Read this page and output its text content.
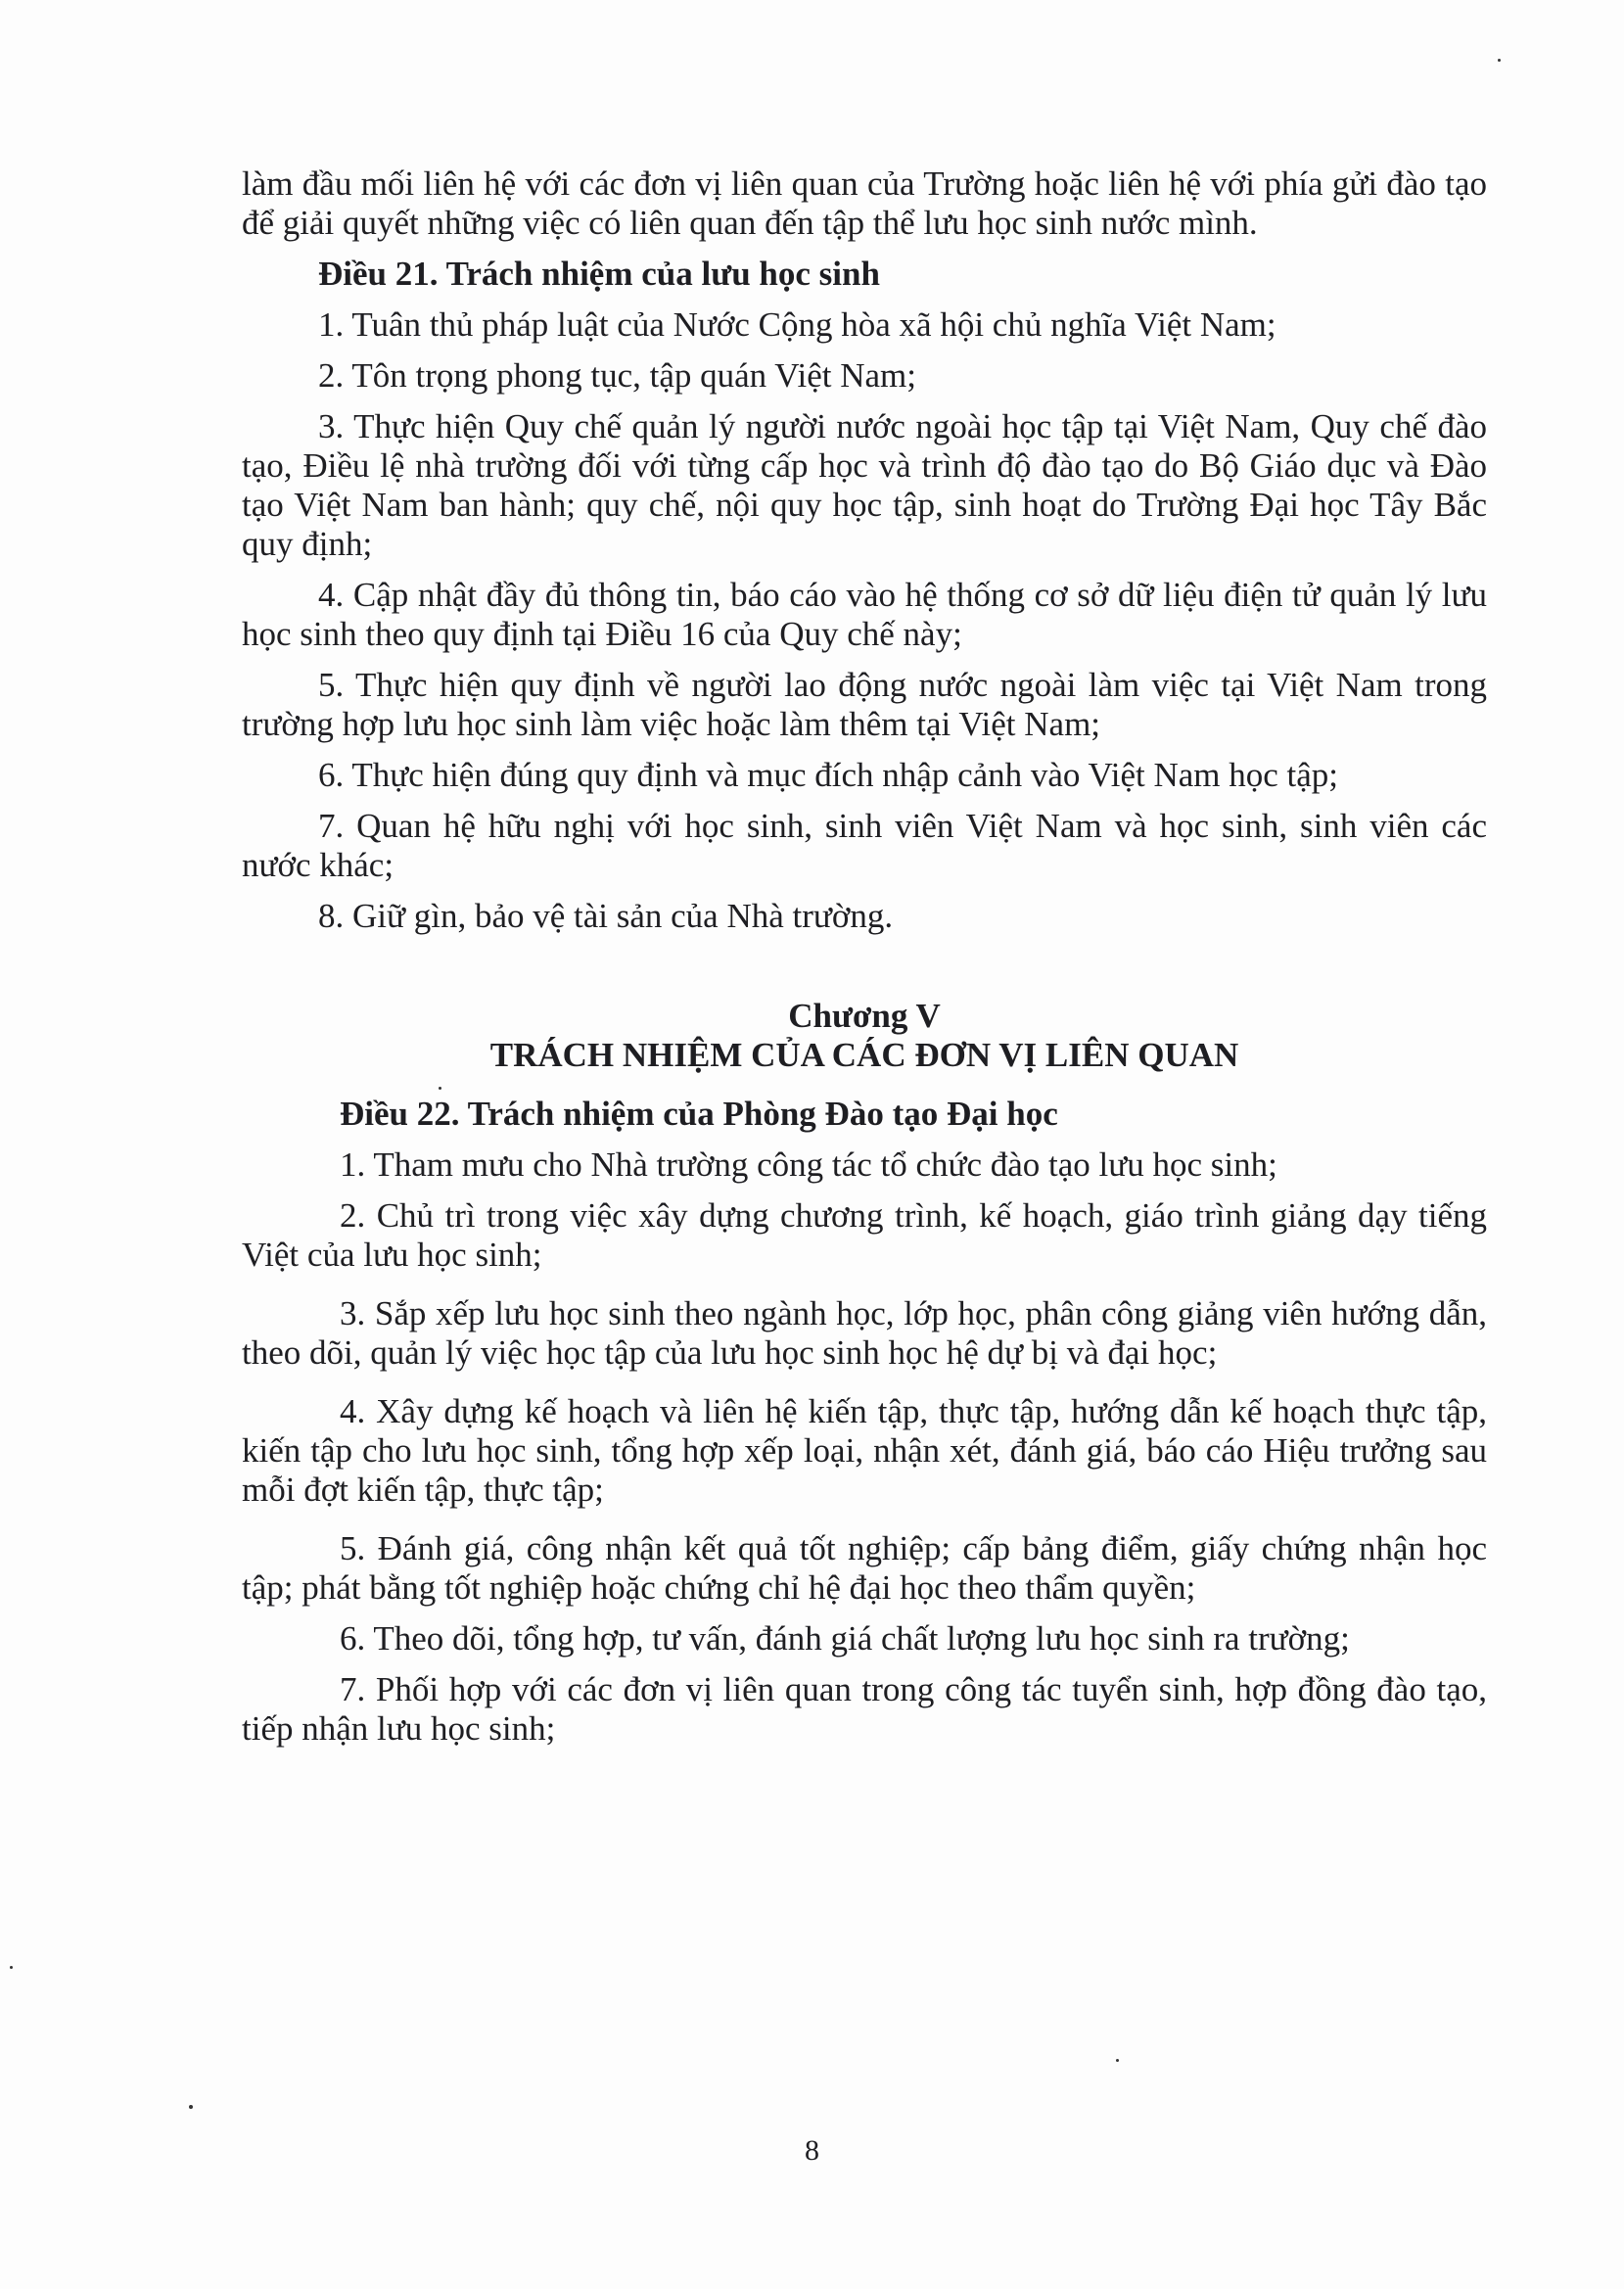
làm đầu mối liên hệ với các đơn vị liên quan của Trường hoặc liên hệ với phía gửi đào tạo để giải quyết những việc có liên quan đến tập thể lưu học sinh nước mình.

Điều 21. Trách nhiệm của lưu học sinh

1. Tuân thủ pháp luật của Nước Cộng hòa xã hội chủ nghĩa Việt Nam;

2. Tôn trọng phong tục, tập quán Việt Nam;

3. Thực hiện Quy chế quản lý người nước ngoài học tập tại Việt Nam, Quy chế đào tạo, Điều lệ nhà trường đối với từng cấp học và trình độ đào tạo do Bộ Giáo dục và Đào tạo Việt Nam ban hành; quy chế, nội quy học tập, sinh hoạt do Trường Đại học Tây Bắc quy định;

4. Cập nhật đầy đủ thông tin, báo cáo vào hệ thống cơ sở dữ liệu điện tử quản lý lưu học sinh theo quy định tại Điều 16 của Quy chế này;

5. Thực hiện quy định về người lao động nước ngoài làm việc tại Việt Nam trong trường hợp lưu học sinh làm việc hoặc làm thêm tại Việt Nam;

6. Thực hiện đúng quy định và mục đích nhập cảnh vào Việt Nam học tập;

7. Quan hệ hữu nghị với học sinh, sinh viên Việt Nam và học sinh, sinh viên các nước khác;

8. Giữ gìn, bảo vệ tài sản của Nhà trường.

Chương V

TRÁCH NHIỆM CỦA CÁC ĐƠN VỊ LIÊN QUAN

Điều 22. Trách nhiệm của Phòng Đào tạo Đại học

1. Tham mưu cho Nhà trường công tác tổ chức đào tạo lưu học sinh;

2. Chủ trì trong việc xây dựng chương trình, kế hoạch, giáo trình giảng dạy tiếng Việt của lưu học sinh;

3. Sắp xếp lưu học sinh theo ngành học, lớp học, phân công giảng viên hướng dẫn, theo dõi, quản lý việc học tập của lưu học sinh học hệ dự bị và đại học;

4. Xây dựng kế hoạch và liên hệ kiến tập, thực tập, hướng dẫn kế hoạch thực tập, kiến tập cho lưu học sinh, tổng hợp xếp loại, nhận xét, đánh giá, báo cáo Hiệu trưởng sau mỗi đợt kiến tập, thực tập;

5. Đánh giá, công nhận kết quả tốt nghiệp; cấp bảng điểm, giấy chứng nhận học tập; phát bằng tốt nghiệp hoặc chứng chỉ hệ đại học theo thẩm quyền;

6. Theo dõi, tổng hợp, tư vấn, đánh giá chất lượng lưu học sinh ra trường;

7. Phối hợp với các đơn vị liên quan trong công tác tuyển sinh, hợp đồng đào tạo, tiếp nhận lưu học sinh;

8
